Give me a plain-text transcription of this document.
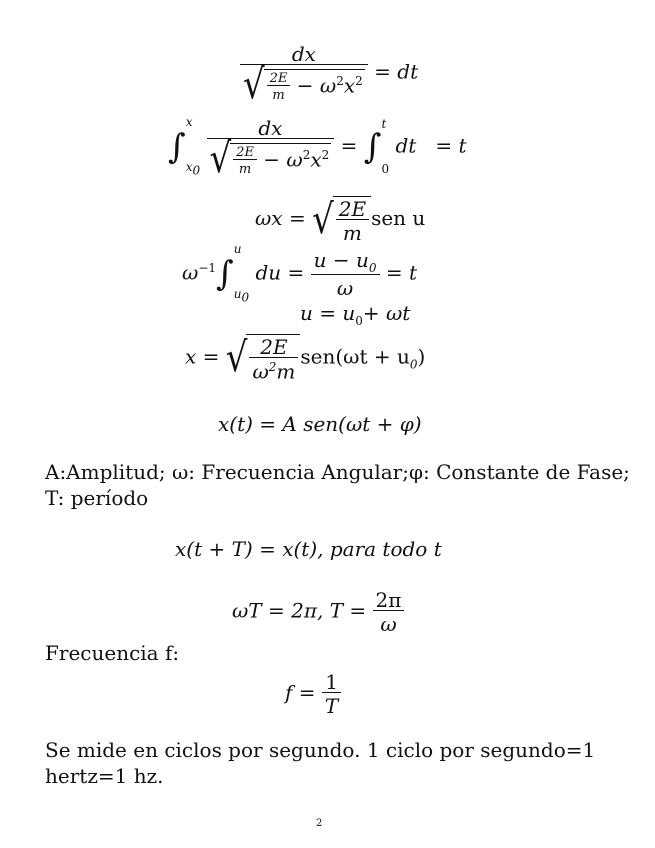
$\frac{dx}{√ \frac{2E}{m} - \omega^2x^2}$ = dt
∫
x
$x_0$
$\frac{dx}{√ \frac{2E}{m} - \omega^2x^2}$ = ∫
t
0
dt = t
ωx = √ $\frac{2E}{m}$ sen u
$\omega^{-1}\int$
u
$u_0$
du = $\frac{u - u_0}{\omega} = t$
$u = u_0+ \omega t$
x = √ $\frac{2E}{\omega^2m} sen(\omega t + u_0)$
x(t) = A sen(ωt + φ)
A:Amplitud; ω: Frecuencia Angular;φ: Constante de Fase;
T: período
x(t + T) = x(t), para todo t
ωT = 2π, $T = \frac{2\pi}{\omega}$
Frecuencia f:
$f = \frac{1}{T}$
Se mide en ciclos por segundo. 1 ciclo por segundo=1
hertz=1 hz.
2
